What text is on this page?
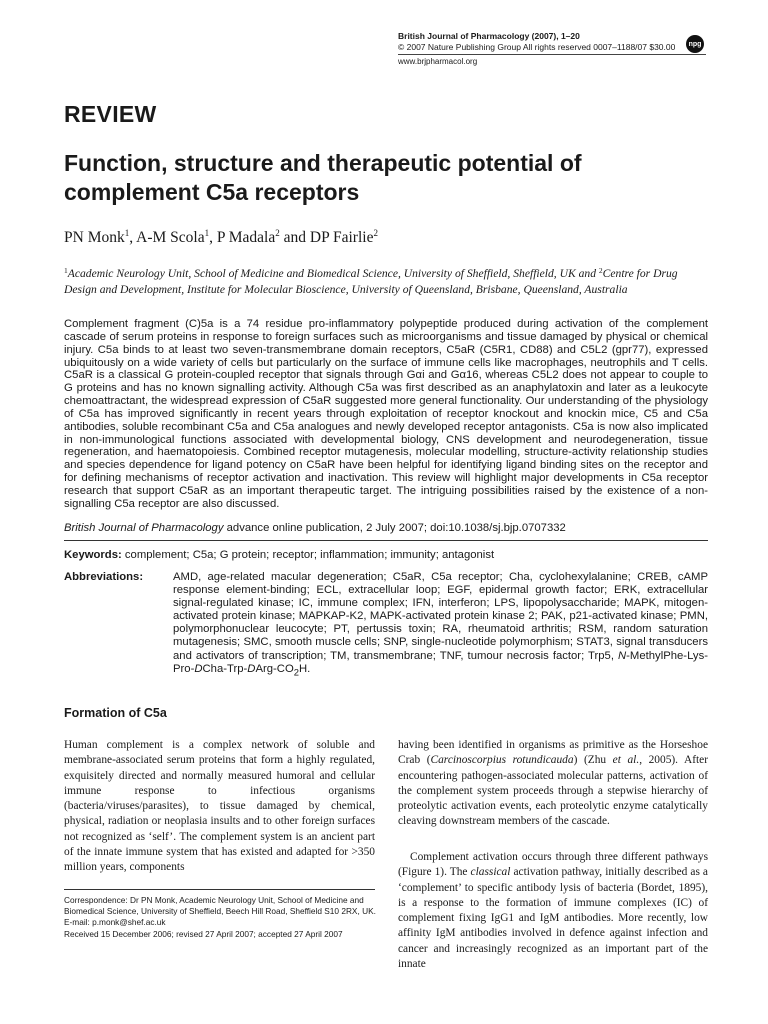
British Journal of Pharmacology (2007), 1–20
© 2007 Nature Publishing Group All rights reserved 0007–1188/07 $30.00	npg
www.brjpharmacol.org
REVIEW
Function, structure and therapeutic potential of complement C5a receptors
PN Monk$^1$, A-M Scola$^1$, P Madala$^2$ and DP Fairlie$^2$
$^1$Academic Neurology Unit, School of Medicine and Biomedical Science, University of Sheffield, Sheffield, UK and $^2$Centre for Drug Design and Development, Institute for Molecular Bioscience, University of Queensland, Brisbane, Queensland, Australia
Complement fragment (C)5a is a 74 residue pro-inflammatory polypeptide produced during activation of the complement cascade of serum proteins in response to foreign surfaces such as microorganisms and tissue damaged by physical or chemical injury. C5a binds to at least two seven-transmembrane domain receptors, C5aR (C5R1, CD88) and C5L2 (gpr77), expressed ubiquitously on a wide variety of cells but particularly on the surface of immune cells like macrophages, neutrophils and T cells. C5aR is a classical G protein-coupled receptor that signals through Gαi and Gα16, whereas C5L2 does not appear to couple to G proteins and has no known signalling activity. Although C5a was first described as an anaphylatoxin and later as a leukocyte chemoattractant, the widespread expression of C5aR suggested more general functionality. Our understanding of the physiology of C5a has improved significantly in recent years through exploitation of receptor knockout and knockin mice, C5 and C5a antibodies, soluble recombinant C5a and C5a analogues and newly developed receptor antagonists. C5a is now also implicated in non-immunological functions associated with developmental biology, CNS development and neurodegeneration, tissue regeneration, and haematopoiesis. Combined receptor mutagenesis, molecular modelling, structure-activity relationship studies and species dependence for ligand potency on C5aR have been helpful for identifying ligand binding sites on the receptor and for defining mechanisms of receptor activation and inactivation. This review will highlight major developments in C5a receptor research that support C5aR as an important therapeutic target. The intriguing possibilities raised by the existence of a non-signalling C5a receptor are also discussed.
British Journal of Pharmacology advance online publication, 2 July 2007; doi:10.1038/sj.bjp.0707332
Keywords: complement; C5a; G protein; receptor; inflammation; immunity; antagonist
Abbreviations:	AMD, age-related macular degeneration; C5aR, C5a receptor; Cha, cyclohexylalanine; CREB, cAMP response element-binding; ECL, extracellular loop; EGF, epidermal growth factor; ERK, extracellular signal-regulated kinase; IC, immune complex; IFN, interferon; LPS, lipopolysaccharide; MAPK, mitogen-activated protein kinase; MAPKAP-K2, MAPK-activated protein kinase 2; PAK, p21-activated kinase; PMN, polymorphonuclear leucocyte; PT, pertussis toxin; RA, rheumatoid arthritis; RSM, random saturation mutagenesis; SMC, smooth muscle cells; SNP, single-nucleotide polymorphism; STAT3, signal transducers and activators of transcription; TM, transmembrane; TNF, tumour necrosis factor; Trp5, $N-MethylPhe-Lys-Pro-DCha-Trp-DArg-CO_2H$.
Formation of C5a
Human complement is a complex network of soluble and membrane-associated serum proteins that form a highly regulated, exquisitely directed and normally measured humoral and cellular immune response to infectious organisms (bacteria/viruses/parasites), to tissue damaged by chemical, physical, radiation or neoplasia insults and to other foreign surfaces not recognized as ‘self’. The complement system is an ancient part of the innate immune system that has existed and adapted for >350 million years, components
having been identified in organisms as primitive as the Horseshoe Crab (Carcinoscorpius rotundicauda) (Zhu et al., 2005). After encountering pathogen-associated molecular patterns, activation of the complement system proceeds through a stepwise hierarchy of proteolytic activation events, each proteolytic enzyme catalytically cleaving downstream members of the cascade.
Complement activation occurs through three different pathways (Figure 1). The classical activation pathway, initially described as a ‘complement’ to specific antibody lysis of bacteria (Bordet, 1895), is a response to the formation of immune complexes (IC) of complement fixing IgG1 and IgM antibodies. More recently, low affinity IgM antibodies involved in defence against infection and cancer and increasingly recognized as an important part of the innate
Correspondence: Dr PN Monk, Academic Neurology Unit, School of Medicine and Biomedical Science, University of Sheffield, Beech Hill Road, Sheffield S10 2RX, UK.
E-mail: p.monk@shef.ac.uk
Received 15 December 2006; revised 27 April 2007; accepted 27 April 2007
